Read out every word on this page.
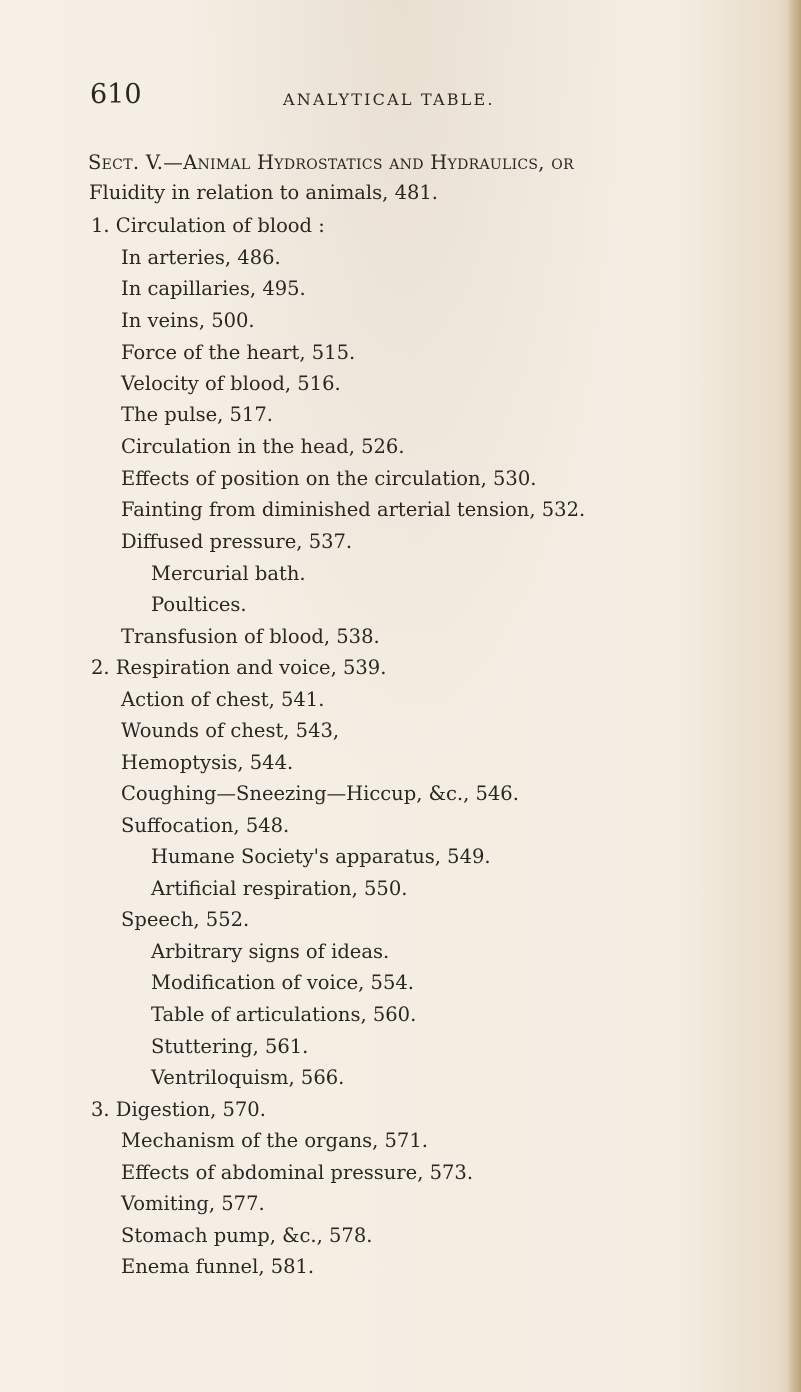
610	ANALYTICAL TABLE.
Sect. V.—Animal Hydrostatics and Hydraulics, or
Fluidity in relation to animals, 481.
1. Circulation of blood :
In arteries, 486.
In capillaries, 495.
In veins, 500.
Force of the heart, 515.
Velocity of blood, 516.
The pulse, 517.
Circulation in the head, 526.
Effects of position on the circulation, 530.
Fainting from diminished arterial tension, 532.
Diffused pressure, 537.
Mercurial bath.
Poultices.
Transfusion of blood, 538.
2. Respiration and voice, 539.
Action of chest, 541.
Wounds of chest, 543,
Hemoptysis, 544.
Coughing—Sneezing—Hiccup, &c., 546.
Suffocation, 548.
Humane Society's apparatus, 549.
Artificial respiration, 550.
Speech, 552.
Arbitrary signs of ideas.
Modification of voice, 554.
Table of articulations, 560.
Stuttering, 561.
Ventriloquism, 566.
3. Digestion, 570.
Mechanism of the organs, 571.
Effects of abdominal pressure, 573.
Vomiting, 577.
Stomach pump, &c., 578.
Enema funnel, 581.
